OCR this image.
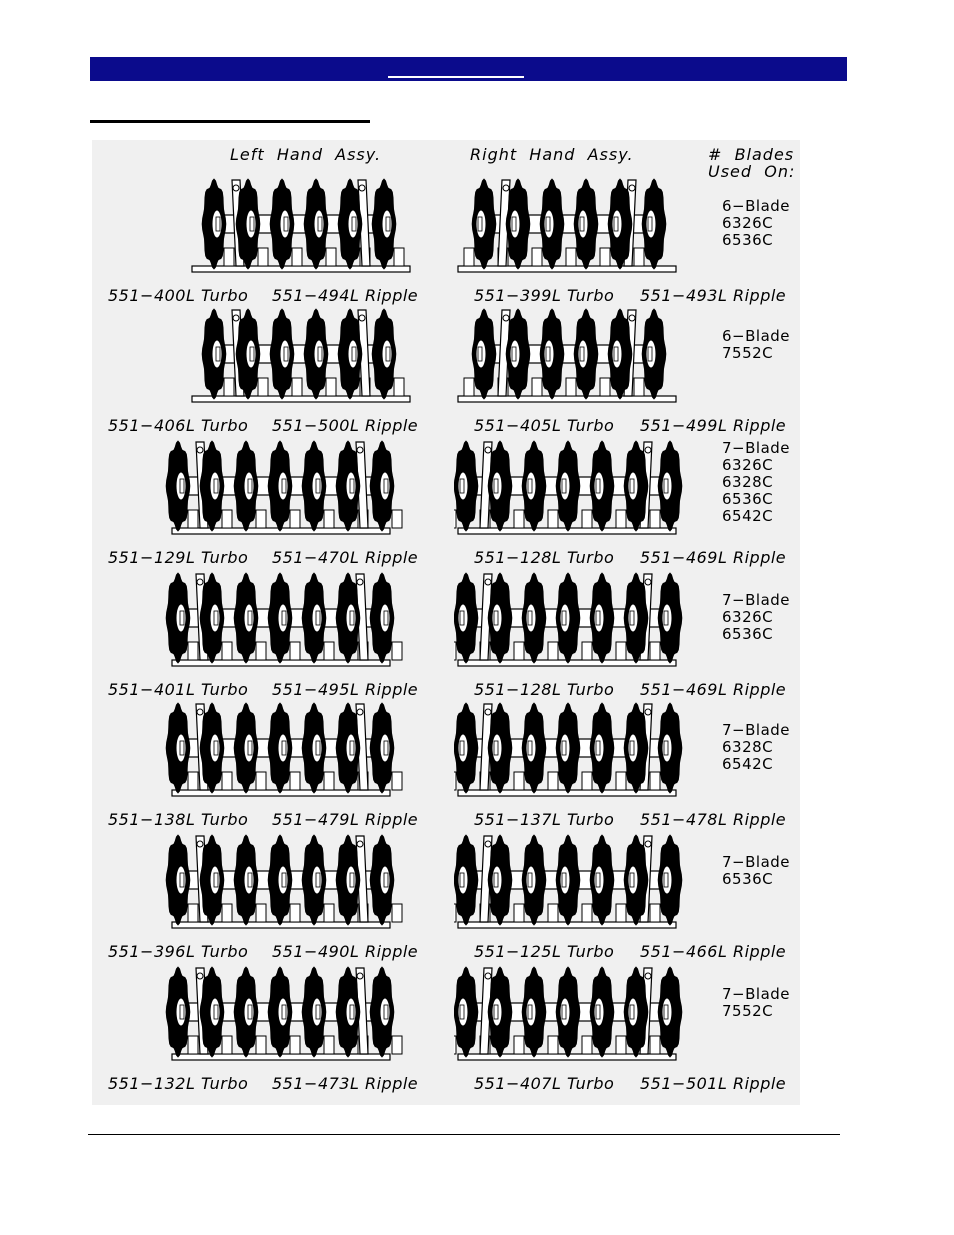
Left  Hand  Assy.	Right  Hand  Assy.	#  Blades
Used  On:
551−400L Turbo 551−494L Ripple	551−399L Turbo 551−493L Ripple
6−Blade
6326C
6536C
551−406L Turbo 551−500L Ripple	551−405L Turbo 551−499L Ripple
6−Blade
7552C
551−129L Turbo 551−470L Ripple	551−128L Turbo 551−469L Ripple
7−Blade
6326C
6328C
6536C
6542C
551−401L Turbo 551−495L Ripple	551−128L Turbo 551−469L Ripple
7−Blade
6326C
6536C
551−138L Turbo 551−479L Ripple	551−137L Turbo 551−478L Ripple
7−Blade
6328C
6542C
551−396L Turbo 551−490L Ripple	551−125L Turbo 551−466L Ripple
7−Blade
6536C
551−132L Turbo 551−473L Ripple	551−407L Turbo 551−501L Ripple
7−Blade
7552C
